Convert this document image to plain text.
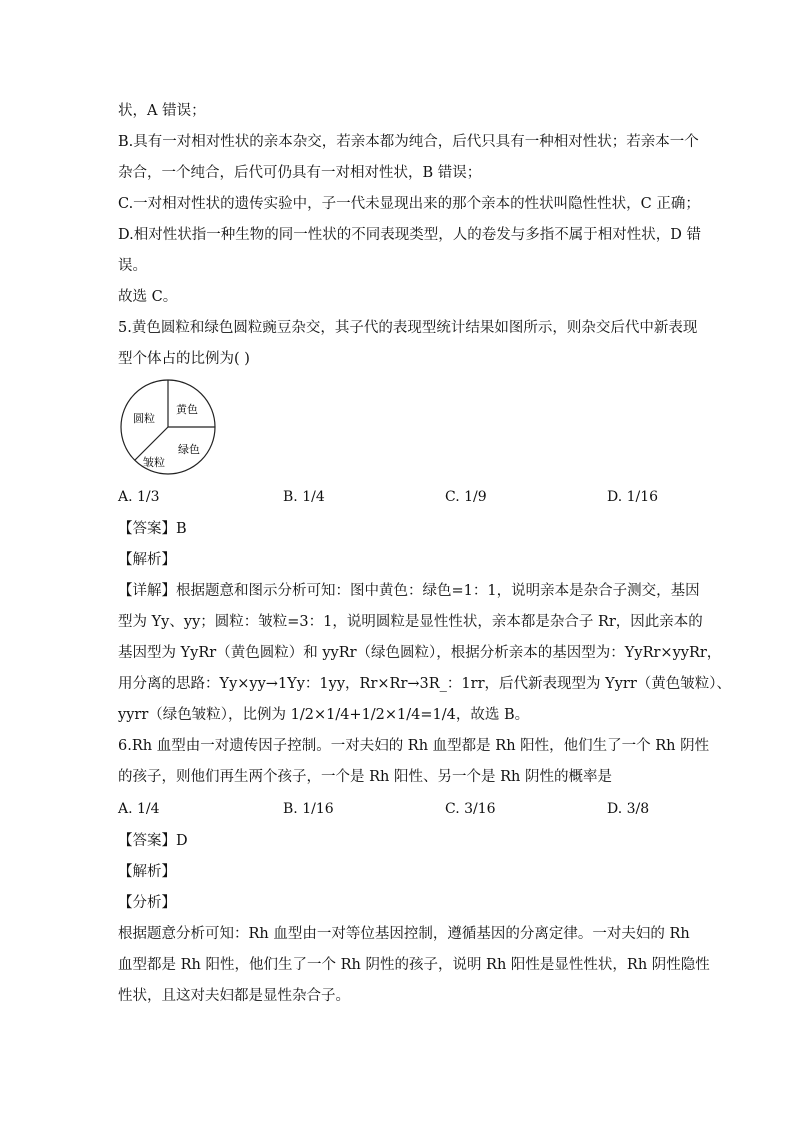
状，A 错误；
B.具有一对相对性状的亲本杂交，若亲本都为纯合，后代只具有一种相对性状；若亲本一个
杂合，一个纯合，后代可仍具有一对相对性状，B 错误；
C.一对相对性状的遗传实验中，子一代未显现出来的那个亲本的性状叫隐性性状，C 正确；
D.相对性状指一种生物的同一性状的不同表现类型，人的卷发与多指不属于相对性状，D 错
误。
故选 C。
5.黄色圆粒和绿色圆粒豌豆杂交，其子代的表现型统计结果如图所示，则杂交后代中新表现
型个体占的比例为( )
圆粒
黄色
绿色
皱粒
A. 1/3	B. 1/4	C. 1/9	D. 1/16
【答案】B
【解析】
【详解】根据题意和图示分析可知：图中黄色：绿色=1：1，说明亲本是杂合子测交，基因
型为 Yy、yy；圆粒：皱粒=3：1，说明圆粒是显性性状，亲本都是杂合子 Rr，因此亲本的
基因型为 YyRr（黄色圆粒）和 yyRr（绿色圆粒），根据分析亲本的基因型为：YyRr×yyRr，
用分离的思路：Yy×yy→1Yy：1yy，Rr×Rr→3R_：1rr，后代新表现型为 Yyrr（黄色皱粒）、
yyrr（绿色皱粒），比例为 1/2×1/4+1/2×1/4=1/4，故选 B。
6.Rh 血型由一对遗传因子控制。一对夫妇的 Rh 血型都是 Rh 阳性，他们生了一个 Rh 阴性
的孩子，则他们再生两个孩子，一个是 Rh 阳性、另一个是 Rh 阴性的概率是
A. 1/4	B. 1/16	C. 3/16	D. 3/8
【答案】D
【解析】
【分析】
根据题意分析可知：Rh 血型由一对等位基因控制，遵循基因的分离定律。一对夫妇的 Rh
血型都是 Rh 阳性，他们生了一个 Rh 阴性的孩子，说明 Rh 阳性是显性性状，Rh 阴性隐性
性状，且这对夫妇都是显性杂合子。
